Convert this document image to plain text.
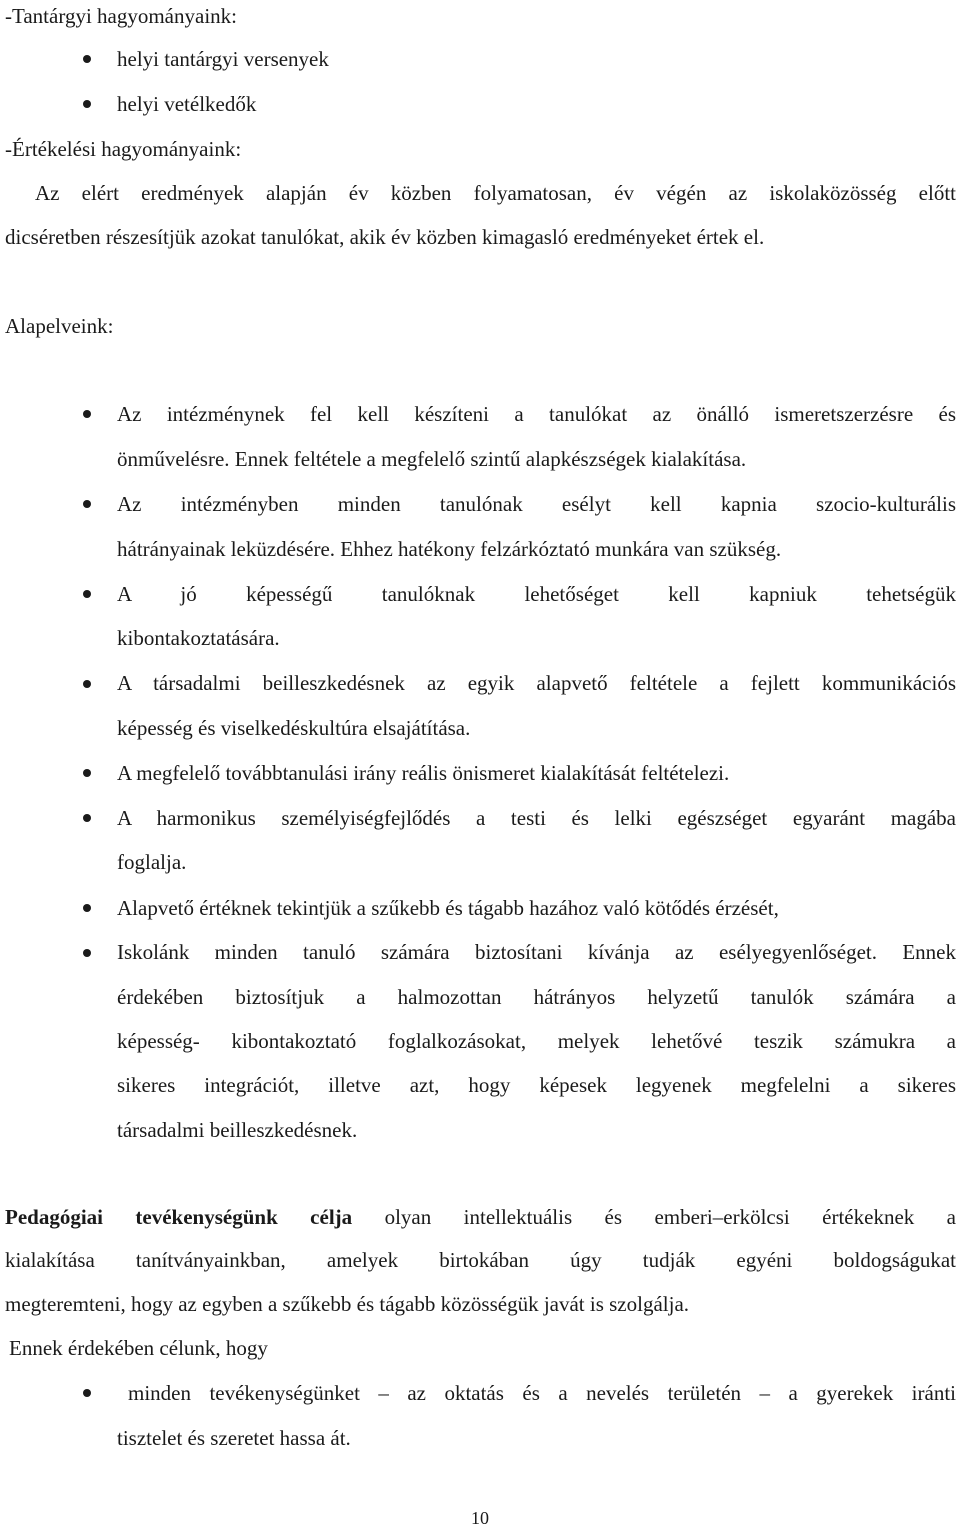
-Tantárgyi hagyományaink:
helyi tantárgyi versenyek
helyi vetélkedők
-Értékelési hagyományaink:
Az elért eredmények alapján év közben folyamatosan, év végén az iskolaközösség előtt
dicséretben részesítjük azokat tanulókat, akik év közben kimagasló eredményeket értek el.
Alapelveink:
Az intézménynek fel kell készíteni a tanulókat az önálló ismeretszerzésre és
önművelésre. Ennek feltétele a megfelelő szintű alapkészségek kialakítása.
Az intézményben minden tanulónak esélyt kell kapnia szocio-kulturális
hátrányainak leküzdésére. Ehhez hatékony felzárkóztató munkára van szükség.
A jó képességű tanulóknak lehetőséget kell kapniuk tehetségük
kibontakoztatására.
A társadalmi beilleszkedésnek az egyik alapvető feltétele a fejlett kommunikációs
képesség és viselkedéskultúra elsajátítása.
A megfelelő továbbtanulási irány reális önismeret kialakítását feltételezi.
A harmonikus személyiségfejlődés a testi és lelki egészséget egyaránt magába
foglalja.
Alapvető értéknek tekintjük a szűkebb és tágabb hazához való kötődés érzését,
Iskolánk minden tanuló számára biztosítani kívánja az esélyegyenlőséget. Ennek
érdekében biztosítjuk a halmozottan hátrányos helyzetű tanulók számára a
képesség- kibontakoztató foglalkozásokat, melyek lehetővé teszik számukra a
sikeres integrációt, illetve azt, hogy képesek legyenek megfelelni a sikeres
társadalmi beilleszkedésnek.
Pedagógiai tevékenységünk célja olyan intellektuális és emberi–erkölcsi értékeknek a
kialakítása tanítványainkban, amelyek birtokában úgy tudják egyéni boldogságukat
megteremteni, hogy az egyben a szűkebb és tágabb közösségük javát is szolgálja.
Ennek érdekében célunk, hogy
minden tevékenységünket – az oktatás és a nevelés területén – a gyerekek iránti
tisztelet és szeretet hassa át.
10
